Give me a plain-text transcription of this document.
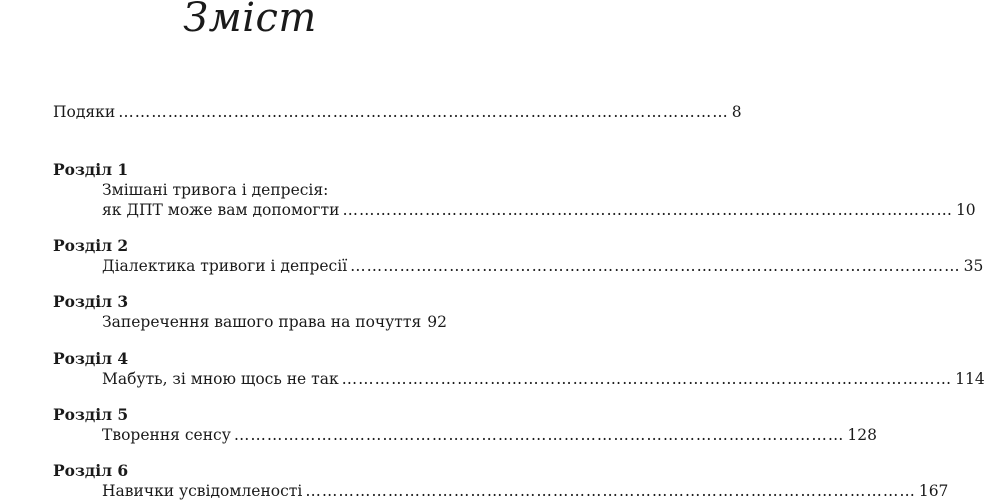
Зміст
Подяки ………………………………………………………………………………………………… 8
Розділ 1
Змішані тривога і депресія:
як ДПТ може вам допомогти ………………………………………………………………………………………………… 10
Розділ 2
Діалектика тривоги і депресії ………………………………………………………………………………………………… 35
Розділ 3
Заперечення вашого права на почуття 92
Розділ 4
Мабуть, зі мною щось не так ………………………………………………………………………………………………… 114
Розділ 5
Творення сенсу ………………………………………………………………………………………………… 128
Розділ 6
Навички усвідомленості ………………………………………………………………………………………………… 167
